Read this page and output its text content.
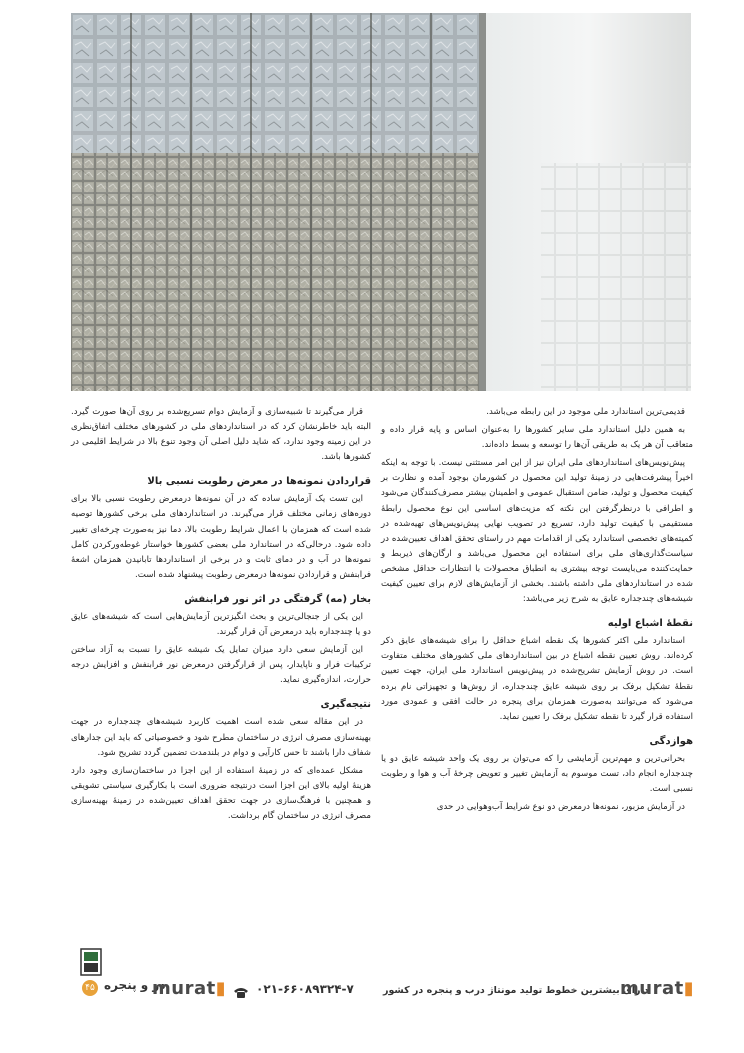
قدیمی‌ترین استاندارد ملی موجود در این رابطه می‌باشد.

به همین دلیل استاندارد ملی سایر کشورها را به‌عنوان اساس و پایه قرار داده و متعاقب آن هر یک به طریقی آن‌ها را توسعه و بسط داده‌اند.

پیش‌نویس‌های استانداردهای ملی ایران نیز از این امر مستثنی نیست. با توجه به اینکه اخیراً پیشرفت‌هایی در زمینهٔ تولید این محصول در کشورمان بوجود آمده و نظارت بر کیفیت محصول و تولید، ضامن استقبال عمومی و اطمینان بیشتر مصرف‌کنندگان می‌شود و اطرافی با درنظرگرفتن این نکته که مزیت‌های اساسی این نوع محصول رابطهٔ مستقیمی با کیفیت تولید دارد، تسریع در تصویب نهایی پیش‌نویس‌های تهیه‌شده در کمیته‌های تخصصی استاندارد یکی از اقدامات مهم در راستای تحقق اهداف تعیین‌شده در سیاست‌گذاری‌های ملی برای استفاده این محصول می‌باشد و ارگان‌های ذیربط و حمایت‌کننده می‌بایست توجه بیشتری به انطباق محصولات با انتظارات حداقل مشخص شده در استانداردهای ملی داشته باشند. بخشی از آزمایش‌های لازم برای تعیین کیفیت شیشه‌های چندجداره عایق به شرح زیر می‌باشد:

نقطهٔ اشباع اولیه

استاندارد ملی اکثر کشورها یک نقطه اشباع حداقل را برای شیشه‌های عایق ذکر کرده‌اند. روش تعیین نقطه اشباع در بین استانداردهای ملی کشورهای مختلف متفاوت است. در روش آزمایش تشریح‌شده در پیش‌نویس استاندارد ملی ایران، جهت تعیین نقطهٔ تشکیل برفک بر روی شیشه عایق چندجداره، از روش‌ها و تجهیزاتی نام برده می‌شود که می‌توانند به‌صورت همزمان برای پنجره در حالت افقی و عمودی مورد استفاده قرار گیرد تا نقطه تشکیل برفک را تعیین نماید.

هوازدگی

بحرانی‌ترین و مهم‌ترین آزمایشی را که می‌توان بر روی یک واحد شیشه عایق دو یا چندجداره انجام داد، تست موسوم به آزمایش تغییر و تعویض چرخهٔ آب و هوا و رطوبت نسبی است.

در آزمایش مزبور، نمونه‌ها درمعرض دو نوع شرایط آب‌وهوایی در حدی

قرار می‌گیرند تا شبیه‌سازی و آزمایش دوام تسریع‌شده بر روی آن‌ها صورت گیرد. البته باید خاطرنشان کرد که در استانداردهای ملی در کشورهای مختلف اتفاق‌نظری در این زمینه وجود ندارد، که شاید دلیل اصلی آن وجود تنوع بالا در شرایط اقلیمی در کشورها باشد.

قراردادن نمونه‌ها در معرض رطوبت نسبی بالا

این تست یک آزمایش ساده که در آن نمونه‌ها درمعرض رطوبت نسبی بالا برای دوره‌های زمانی مختلف قرار می‌گیرند. در استانداردهای ملی برخی کشورها توصیه شده است که همزمان با اعمال شرایط رطوبت بالا، دما نیز به‌صورت چرخه‌ای تغییر داده شود. درحالی‌که در استاندارد ملی بعضی کشورها خواستار غوطه‌ورکردن کامل نمونه‌ها در آب و در دمای ثابت و در برخی از استانداردها تابانیدن همزمان اشعهٔ فرابنفش و قراردادن نمونه‌ها درمعرض رطوبت پیشنهاد شده است.

بخار (مه) گرفتگی در اثر نور فرابنفش

این یکی از جنجالی‌ترین و بحث انگیزترین آزمایش‌هایی است که شیشه‌های عایق دو یا چندجداره باید درمعرض آن قرار گیرند.

این آزمایش سعی دارد میزان تمایل یک شیشه عایق را نسبت به آزاد ساختن ترکیبات فرار و ناپایدار، پس از قرارگرفتن درمعرض نور فرابنفش و افزایش درجه حرارت، اندازه‌گیری نماید.

نتیجه‌گیری

در این مقاله سعی شده است اهمیت کاربرد شیشه‌های چندجداره در جهت بهینه‌سازی مصرف انرژی در ساختمان مطرح شود و خصوصیاتی که باید این جدارهای شفاف دارا باشند تا حس کارآیی و دوام در بلندمدت تضمین گردد تشریح شود.

مشکل عمده‌ای که در زمینهٔ استفاده از این اجزا در ساختمان‌سازی وجود دارد هزینهٔ اولیه بالای این اجزا است درنتیجه ضروری است با بکارگیری سیاستی تشویقی و همچنین با فرهنگ‌سازی در جهت تحقق اهداف تعیین‌شده در زمینهٔ بهینه‌سازی مصرف انرژی در ساختمان گام برداشت.

در و پنجره
۴۵	murat▮ ۰۲۱-۶۶۰۸۹۳۲۴-۷	دارای بیشترین خطوط تولید مونتاژ درب و پنجره در کشور
murat▮
